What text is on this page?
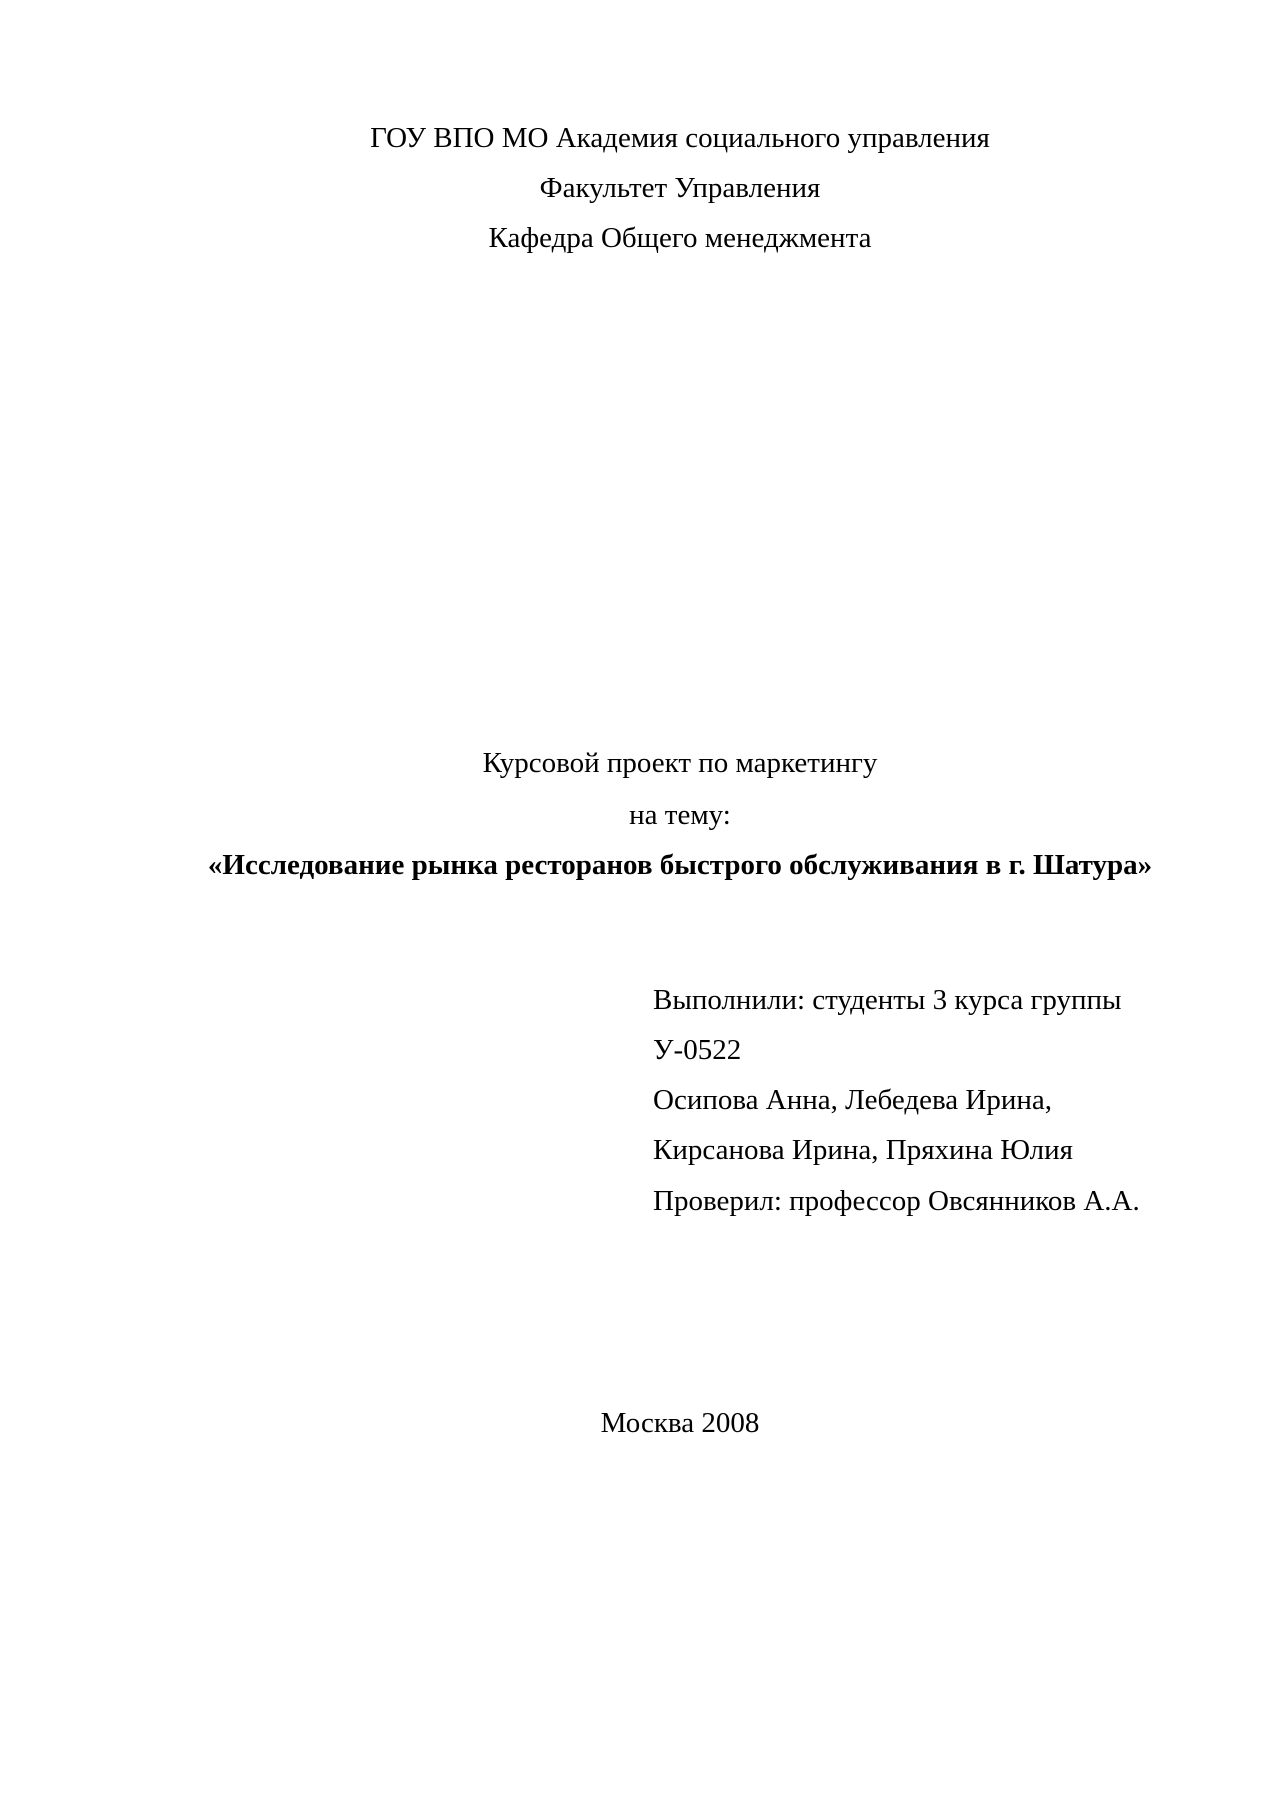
ГОУ ВПО МО Академия социального управления
Факультет Управления
Кафедра Общего менеджмента
Курсовой проект по маркетингу
на тему:
«Исследование рынка ресторанов быстрого обслуживания в г. Шатура»
Выполнили: студенты 3 курса группы
У-0522
Осипова Анна, Лебедева Ирина,
Кирсанова Ирина, Пряхина Юлия
Проверил: профессор Овсянников А.А.
Москва 2008
